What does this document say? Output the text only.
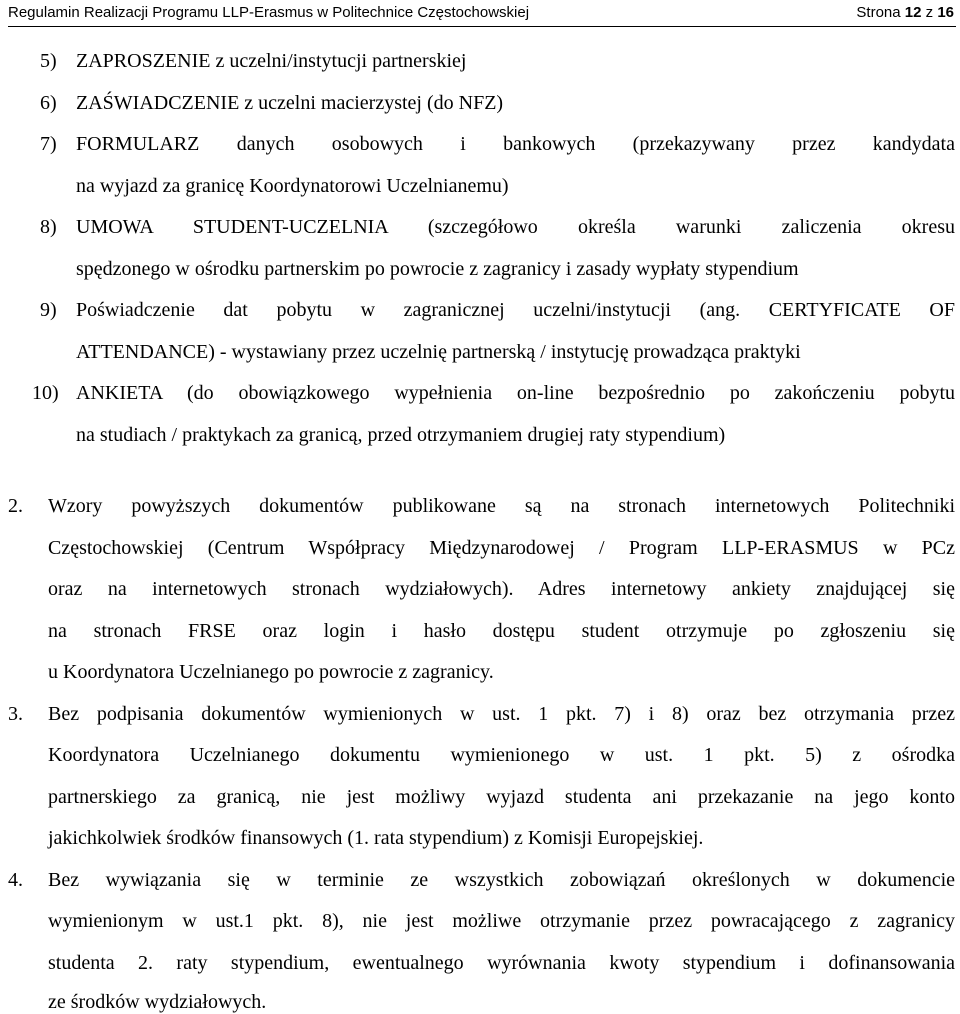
Regulamin Realizacji Programu LLP-Erasmus w Politechnice Częstochowskiej	Strona 12 z 16
5) ZAPROSZENIE z uczelni/instytucji partnerskiej
6) ZAŚWIADCZENIE z uczelni macierzystej (do NFZ)
7) FORMULARZ danych osobowych i bankowych (przekazywany przez kandydata
na wyjazd za granicę Koordynatorowi Uczelnianemu)
8) UMOWA STUDENT-UCZELNIA (szczegółowo określa warunki zaliczenia okresu
spędzonego w ośrodku partnerskim po powrocie z zagranicy i zasady wypłaty stypendium
9) Poświadczenie dat pobytu w zagranicznej uczelni/instytucji (ang. CERTYFICATE OF
ATTENDANCE) - wystawiany przez uczelnię partnerską / instytucję prowadząca praktyki
10) ANKIETA (do obowiązkowego wypełnienia on-line bezpośrednio po zakończeniu pobytu
na studiach / praktykach za granicą, przed otrzymaniem drugiej raty stypendium)
2. Wzory powyższych dokumentów publikowane są na stronach internetowych Politechniki
Częstochowskiej (Centrum Współpracy Międzynarodowej / Program LLP-ERASMUS w PCz
oraz na internetowych stronach wydziałowych). Adres internetowy ankiety znajdującej się
na stronach FRSE oraz login i hasło dostępu student otrzymuje po zgłoszeniu się
u Koordynatora Uczelnianego po powrocie z zagranicy.
3. Bez podpisania dokumentów wymienionych w ust. 1 pkt. 7) i 8) oraz bez otrzymania przez
Koordynatora Uczelnianego dokumentu wymienionego w ust. 1 pkt. 5) z ośrodka
partnerskiego za granicą, nie jest możliwy wyjazd studenta ani przekazanie na jego konto
jakichkolwiek środków finansowych (1. rata stypendium) z Komisji Europejskiej.
4. Bez wywiązania się w terminie ze wszystkich zobowiązań określonych w dokumencie
wymienionym w ust.1 pkt. 8), nie jest możliwe otrzymanie przez powracającego z zagranicy
studenta 2. raty stypendium, ewentualnego wyrównania kwoty stypendium i dofinansowania
ze środków wydziałowych.
